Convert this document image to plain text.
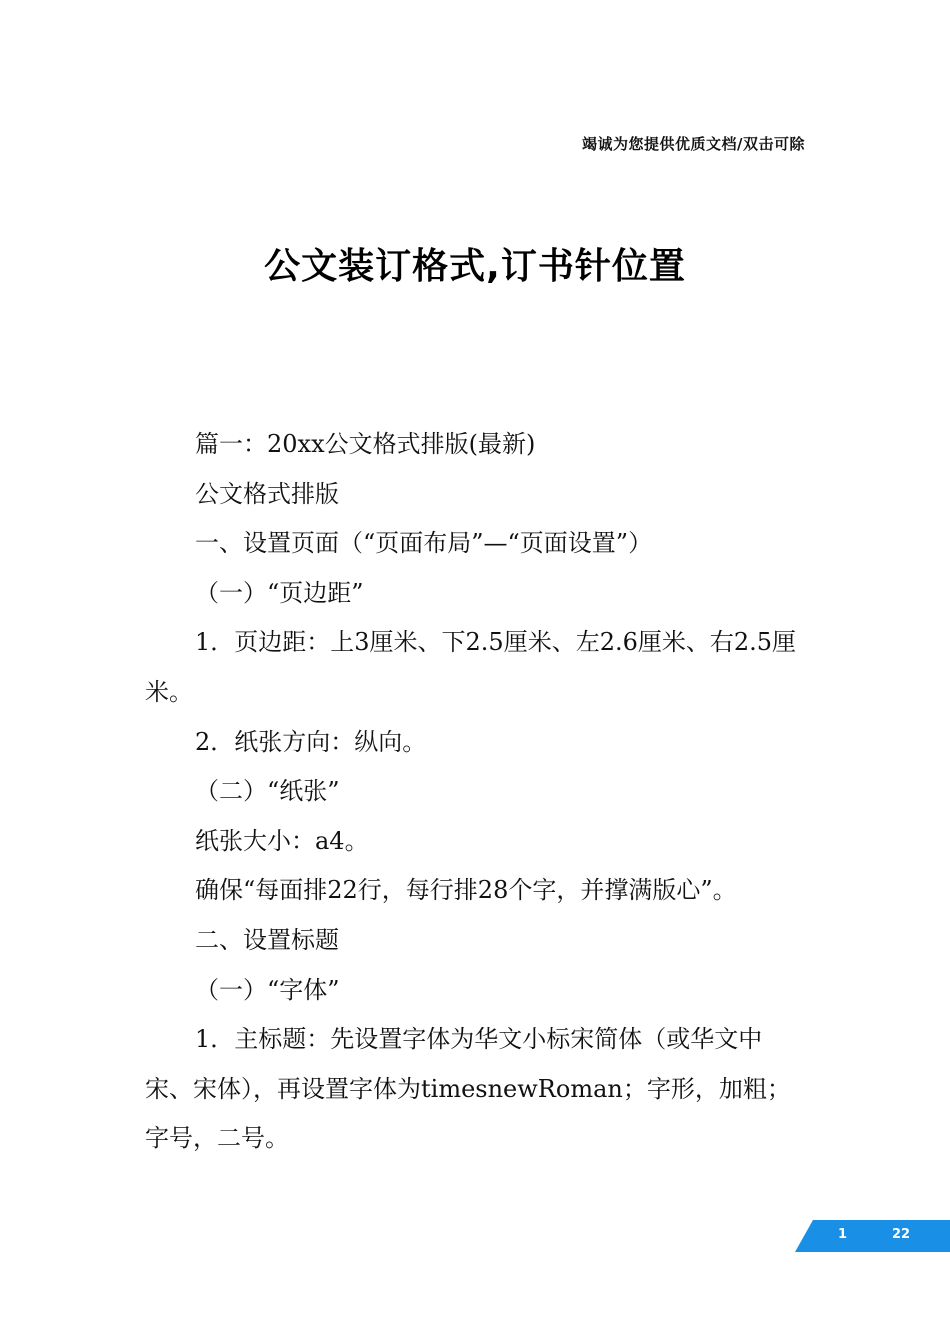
竭诚为您提供优质文档/双击可除
公文装订格式,订书针位置

篇一：20xx公文格式排版(最新)

公文格式排版

一、设置页面（“页面布局”—“页面设置”）

（一）“页边距”

1．页边距：上3厘米、下2.5厘米、左2.6厘米、右2.5厘米。

2．纸张方向：纵向。

（二）“纸张”

纸张大小：a4。

确保“每面排22行，每行排28个字，并撑满版心”。

二、设置标题

（一）“字体”

1．主标题：先设置字体为华文小标宋简体（或华文中宋、宋体），再设置字体为timesnewRoman；字形，加粗；字号，二号。

1	22
